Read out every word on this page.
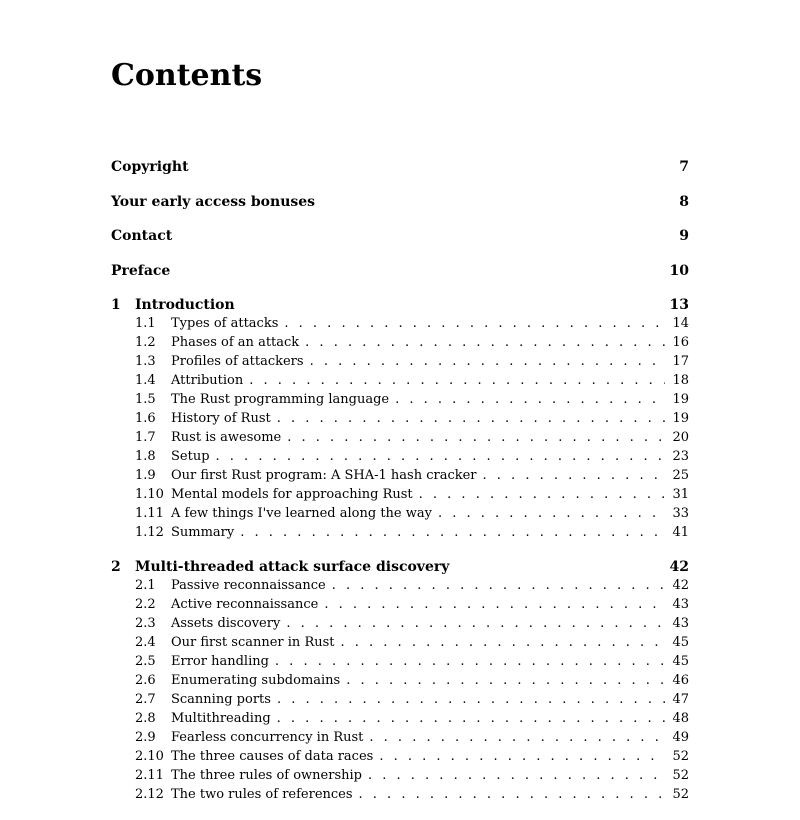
Contents
Copyright	7
Your early access bonuses	8
Contact	9
Preface	10
1 Introduction	13
1.1	Types of attacks . . .	14
1.2	Phases of an attack . . .	16
1.3	Profiles of attackers . . .	17
1.4	Attribution . . .	18
1.5	The Rust programming language . . .	19
1.6	History of Rust . . .	19
1.7	Rust is awesome . . .	20
1.8	Setup . . .	23
1.9	Our first Rust program: A SHA-1 hash cracker . . .	25
1.10 Mental models for approaching Rust . . .	31
1.11 A few things I've learned along the way . . .	33
1.12 Summary . . .	41
2 Multi-threaded attack surface discovery	42
2.1	Passive reconnaissance . . .	42
2.2	Active reconnaissance . . .	43
2.3	Assets discovery . . .	43
2.4	Our first scanner in Rust . . .	45
2.5	Error handling . . .	45
2.6	Enumerating subdomains . . .	46
2.7	Scanning ports . . .	47
2.8	Multithreading . . .	48
2.9	Fearless concurrency in Rust . . .	49
2.10 The three causes of data races . . .	52
2.11 The three rules of ownership . . .	52
2.12 The two rules of references . . .	52
